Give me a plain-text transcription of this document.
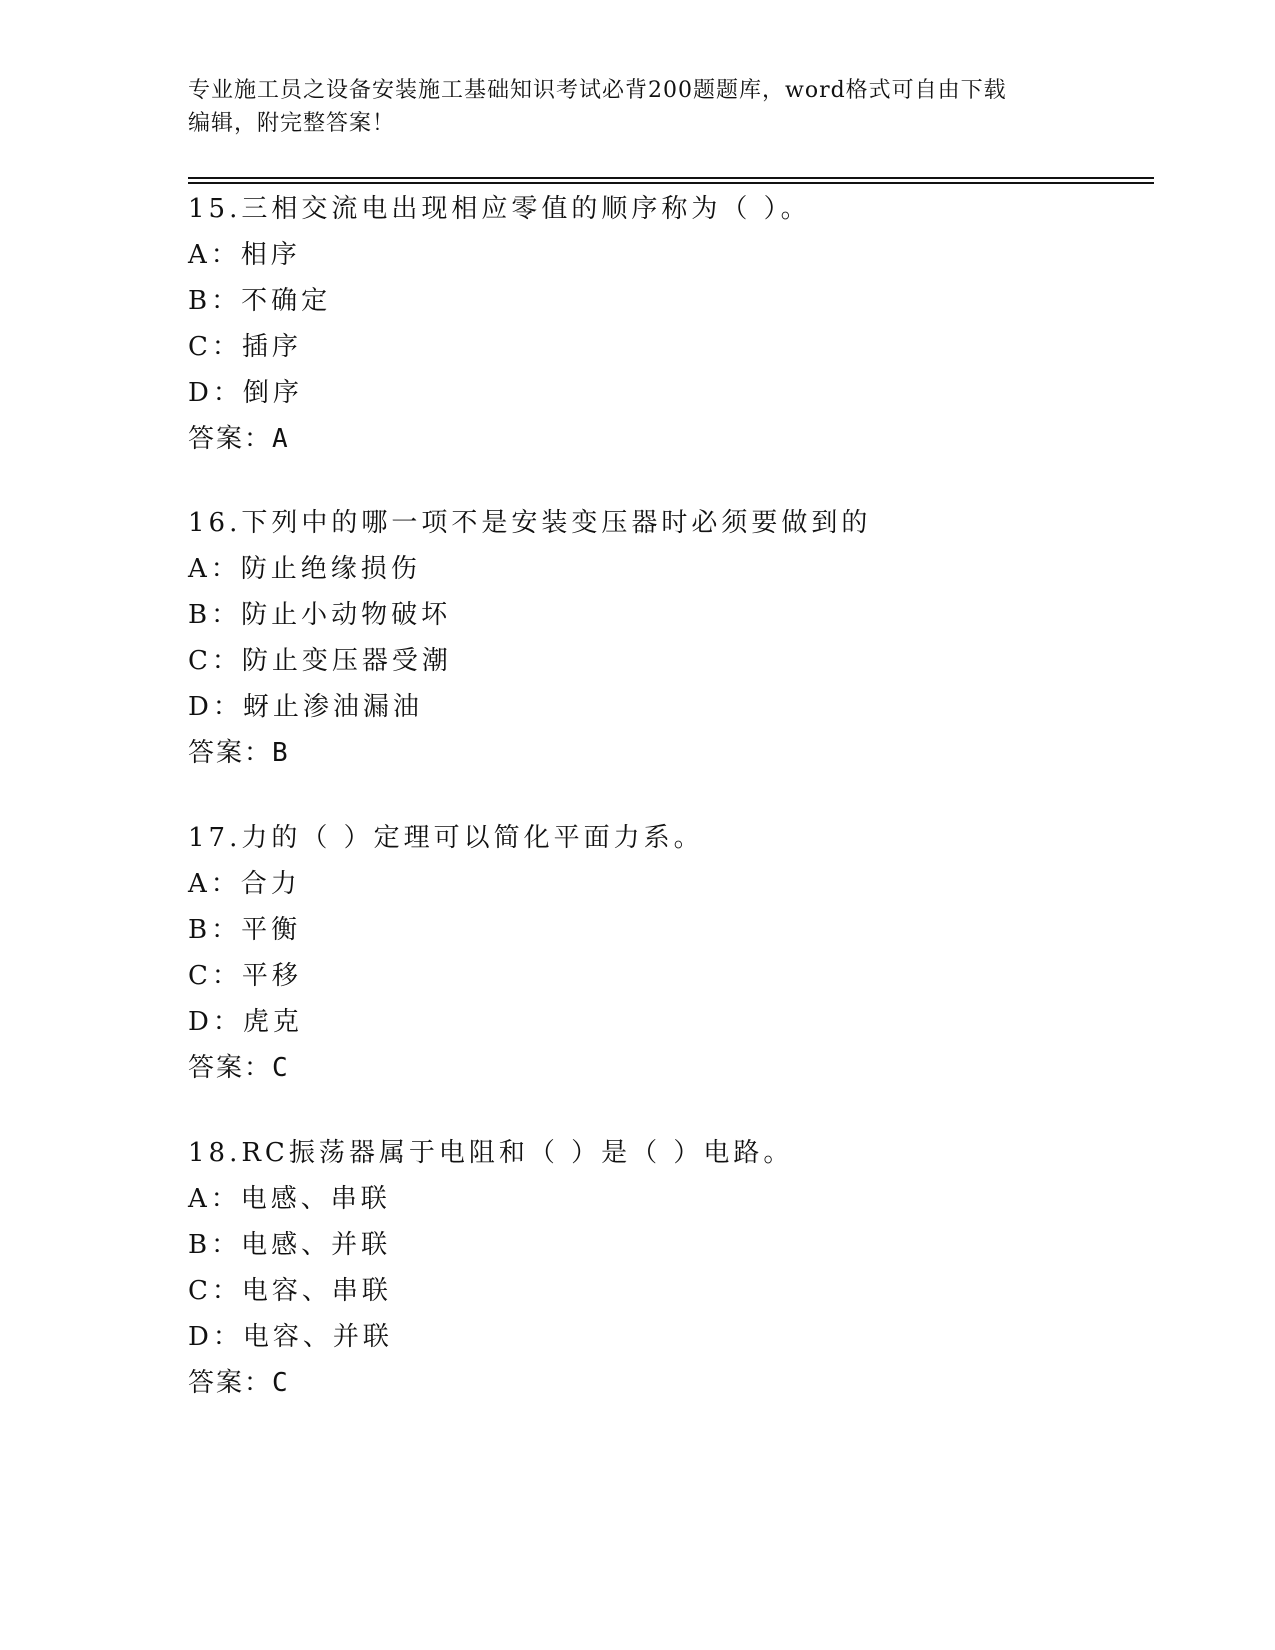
专业施工员之设备安装施工基础知识考试必背200题题库，word格式可自由下载
编辑，附完整答案！
15.三相交流电出现相应零值的顺序称为（ ）。
A：相序
B：不确定
C：插序
D：倒序
答案：A
16.下列中的哪一项不是安装变压器时必须要做到的
A：防止绝缘损伤
B：防止小动物破坏
C：防止变压器受潮
D：蚜止渗油漏油
答案：B
17.力的（ ）定理可以简化平面力系。
A：合力
B：平衡
C：平移
D：虎克
答案：C
18.RC振荡器属于电阻和（ ）是（ ）电路。
A：电感、串联
B：电感、并联
C：电容、串联
D：电容、并联
答案：C
